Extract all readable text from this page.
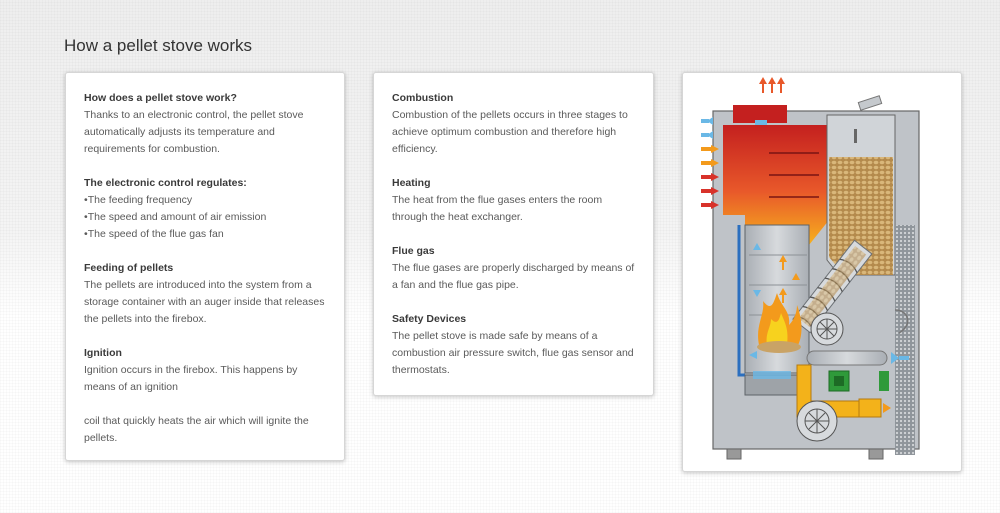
How a pellet stove works
How does a pellet stove work?

Thanks to an electronic control, the pellet stove automatically adjusts its temperature and requirements for combustion.

The electronic control regulates:
• The feeding frequency
• The speed and amount of air emission
• The speed of the flue gas fan
Feeding of pellets

The pellets are introduced into the system from a storage container with an auger inside that releases the pellets into the firebox.

Ignition

Ignition occurs in the firebox. This happens by means of an ignition

coil that quickly heats the air which will ignite the pellets.

Combustion

Combustion of the pellets occurs in three stages to achieve optimum combustion and therefore high efficiency.

Heating

The heat from the flue gases enters the room through the heat exchanger.

Flue gas

The flue gases are properly discharged by means of a fan and the flue gas pipe.

Safety Devices

The pellet stove is made safe by means of a combustion air pressure switch, flue gas sensor and thermostats.
